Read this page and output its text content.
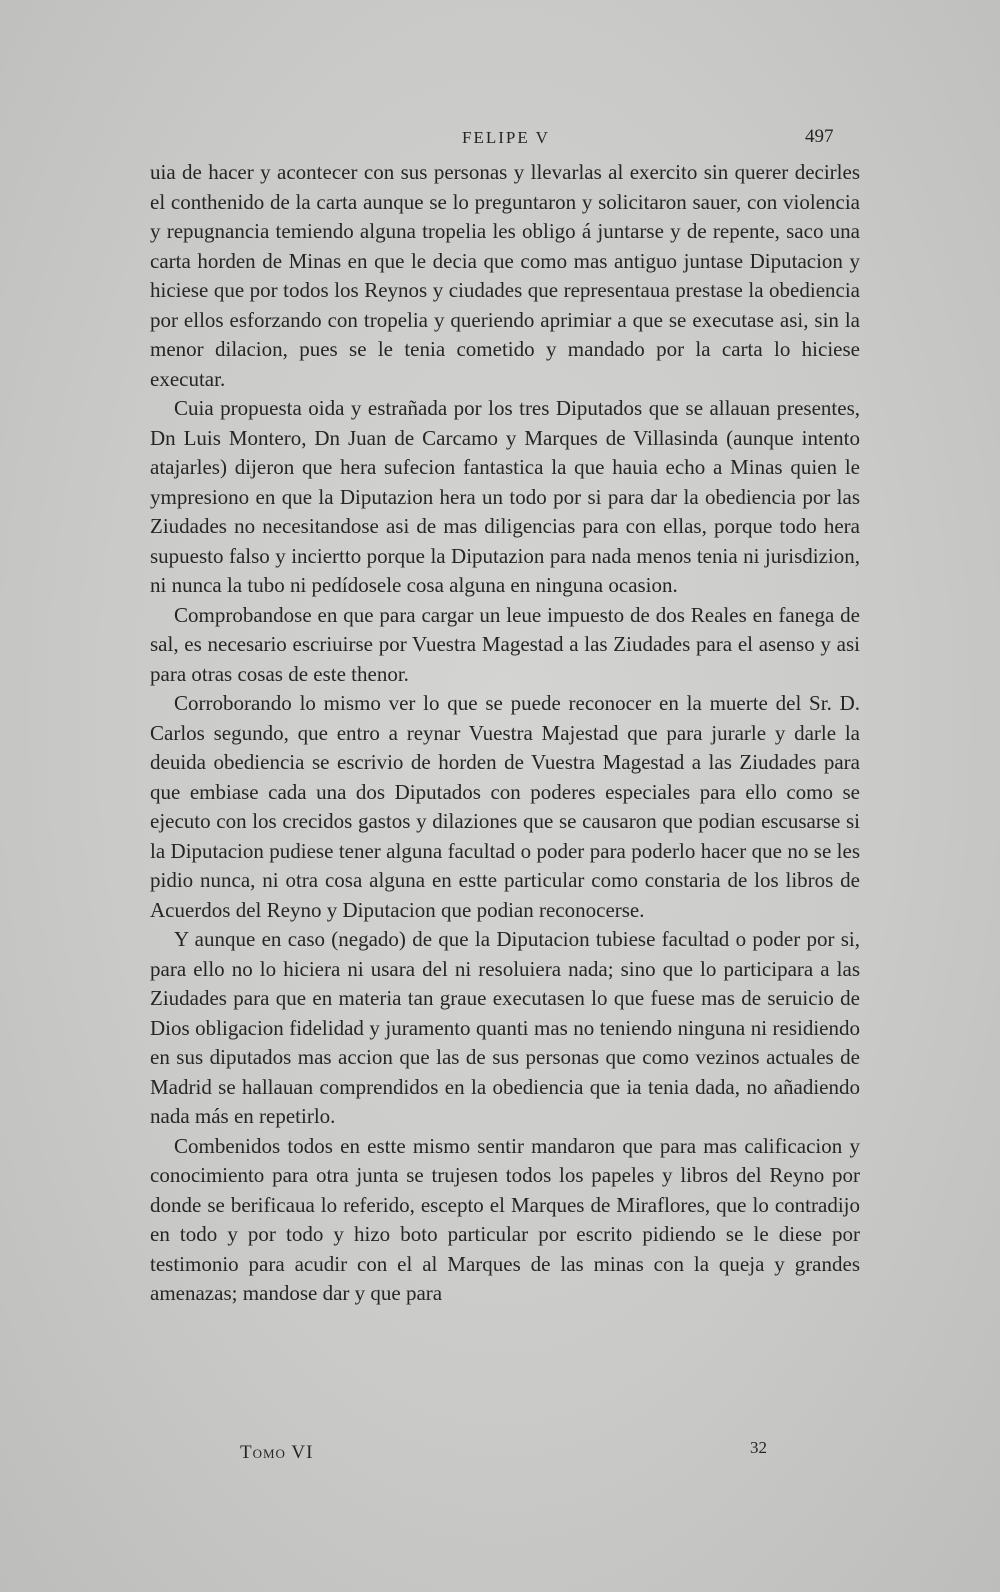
FELIPE V	497

uia de hacer y acontecer con sus personas y llevarlas al exercito sin querer decirles el conthenido de la carta aunque se lo preguntaron y solicitaron sauer, con violencia y repugnancia temiendo alguna tropelia les obligo á juntarse y de repente, saco una carta horden de Minas en que le decia que como mas antiguo juntase Diputacion y hiciese que por todos los Reynos y ciudades que representaua prestase la obediencia por ellos esforzando con tropelia y queriendo aprimiar a que se executase asi, sin la menor dilacion, pues se le tenia cometido y mandado por la carta lo hiciese executar.

Cuia propuesta oida y estrañada por los tres Diputados que se allauan presentes, Dn Luis Montero, Dn Juan de Carcamo y Marques de Villasinda (aunque intento atajarles) dijeron que hera sufecion fantastica la que hauia echo a Minas quien le ympresiono en que la Diputazion hera un todo por si para dar la obediencia por las Ziudades no necesitandose asi de mas diligencias para con ellas, porque todo hera supuesto falso y inciertto porque la Diputazion para nada menos tenia ni jurisdizion, ni nunca la tubo ni pedídosele cosa alguna en ninguna ocasion.

Comprobandose en que para cargar un leue impuesto de dos Reales en fanega de sal, es necesario escriuirse por Vuestra Magestad a las Ziudades para el asenso y asi para otras cosas de este thenor.

Corroborando lo mismo ver lo que se puede reconocer en la muerte del Sr. D. Carlos segundo, que entro a reynar Vuestra Majestad que para jurarle y darle la deuida obediencia se escrivio de horden de Vuestra Magestad a las Ziudades para que embiase cada una dos Diputados con poderes especiales para ello como se ejecuto con los crecidos gastos y dilaziones que se causaron que podian escusarse si la Diputacion pudiese tener alguna facultad o poder para poderlo hacer que no se les pidio nunca, ni otra cosa alguna en estte particular como constaria de los libros de Acuerdos del Reyno y Diputacion que podian reconocerse.

Y aunque en caso (negado) de que la Diputacion tubiese facultad o poder por si, para ello no lo hiciera ni usara del ni resoluiera nada; sino que lo participara a las Ziudades para que en materia tan graue executasen lo que fuese mas de seruicio de Dios obligacion fidelidad y juramento quanti mas no teniendo ninguna ni residiendo en sus diputados mas accion que las de sus personas que como vezinos actuales de Madrid se hallauan comprendidos en la obediencia que ia tenia dada, no añadiendo nada más en repetirlo.

Combenidos todos en estte mismo sentir mandaron que para mas calificacion y conocimiento para otra junta se trujesen todos los papeles y libros del Reyno por donde se berificaua lo referido, escepto el Marques de Miraflores, que lo contradijo en todo y por todo y hizo boto particular por escrito pidiendo se le diese por testimonio para acudir con el al Marques de las minas con la queja y grandes amenazas; mandose dar y que para

Tomo VI	32
